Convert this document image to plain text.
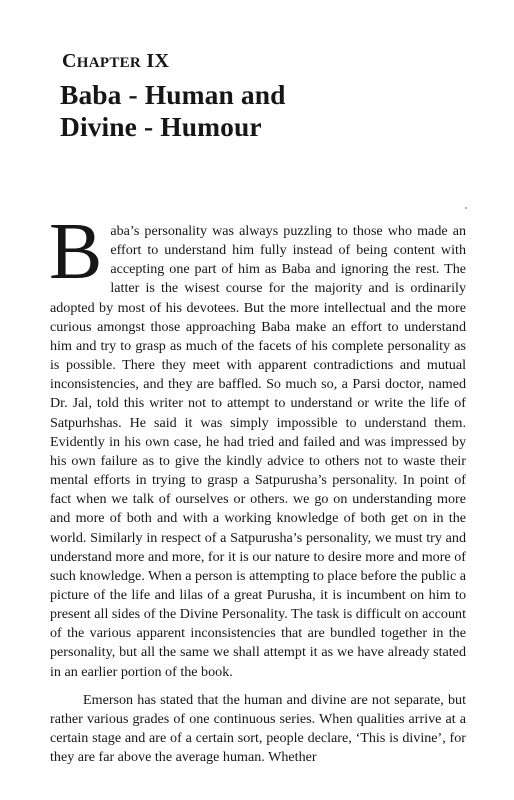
CHAPTER IX
Baba - Human and
Divine - Humour

Baba’s personality was always puzzling to those who made an effort to understand him fully instead of being content with accepting one part of him as Baba and ignoring the rest. The latter is the wisest course for the majority and is ordinarily adopted by most of his devotees. But the more intellectual and the more curious amongst those approaching Baba make an effort to understand him and try to grasp as much of the facets of his complete personality as is possible. There they meet with apparent contradictions and mutual inconsistencies, and they are baffled. So much so, a Parsi doctor, named Dr. Jal, told this writer not to attempt to understand or write the life of Satpurhshas. He said it was simply impossible to understand them. Evidently in his own case, he had tried and failed and was impressed by his own failure as to give the kindly advice to others not to waste their mental efforts in trying to grasp a Satpurusha’s personality. In point of fact when we talk of ourselves or others. we go on understanding more and more of both and with a working knowledge of both get on in the world. Similarly in respect of a Satpurusha’s personality, we must try and understand more and more, for it is our nature to desire more and more of such knowledge. When a person is attempting to place before the public a picture of the life and lilas of a great Purusha, it is incumbent on him to present all sides of the Divine Personality. The task is difficult on account of the various apparent inconsistencies that are bundled together in the personality, but all the same we shall attempt it as we have already stated in an earlier portion of the book.

Emerson has stated that the human and divine are not separate, but rather various grades of one continuous series. When qualities arrive at a certain stage and are of a certain sort, people declare, ‘This is divine’, for they are far above the average human. Whether
